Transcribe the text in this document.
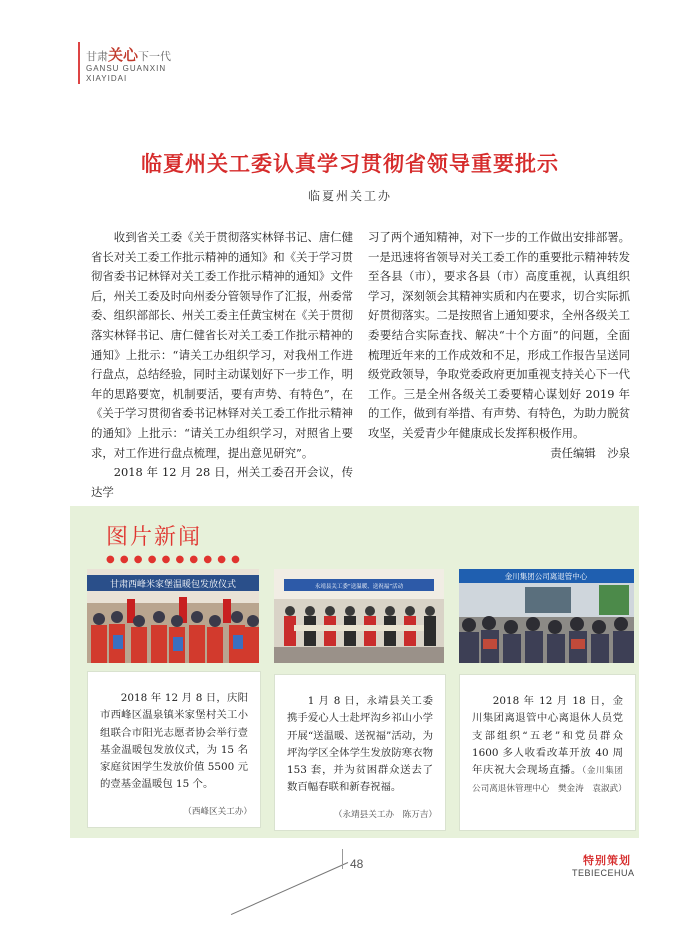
甘肃关心下一代
GANSU GUANXIN
XIAYIDAI
临夏州关工委认真学习贯彻省领导重要批示
临夏州关工办

收到省关工委《关于贯彻落实林铎书记、唐仁健省长对关工委工作批示精神的通知》和《关于学习贯彻省委书记林铎对关工委工作批示精神的通知》文件后，州关工委及时向州委分管领导作了汇报，州委常委、组织部部长、州关工委主任黄宝树在《关于贯彻落实林铎书记、唐仁健省长对关工委工作批示精神的通知》上批示：“请关工办组织学习，对我州工作进行盘点，总结经验，同时主动谋划好下一步工作，明年的思路要宽，机制要活，要有声势、有特色”，在《关于学习贯彻省委书记林铎对关工委工作批示精神的通知》上批示：“请关工办组织学习，对照省上要求，对工作进行盘点梳理，提出意见研究”。

2018 年 12 月 28 日，州关工委召开会议，传达学

习了两个通知精神，对下一步的工作做出安排部署。一是迅速将省领导对关工委工作的重要批示精神转发至各县（市），要求各县（市）高度重视，认真组织学习，深刻领会其精神实质和内在要求，切合实际抓好贯彻落实。二是按照省上通知要求，全州各级关工委要结合实际查找、解决“十个方面”的问题，全面梳理近年来的工作成效和不足，形成工作报告呈送同级党政领导，争取党委政府更加重视支持关心下一代工作。三是全州各级关工委要精心谋划好 2019 年的工作，做到有举措、有声势、有特色，为助力脱贫攻坚，关爱青少年健康成长发挥积极作用。

责任编辑　沙泉
图片新闻
● ● ● ● ● ● ● ● ● ●
甘肃西峰米家堡温暖包发放仪式	永靖县关工委“送温暖、送祝福”活动
金川集团公司离退管中心

2018 年 12 月 8 日，庆阳市西峰区温泉镇米家堡村关工小组联合市阳光志愿者协会举行壹基金温暖包发放仪式，为 15 名家庭贫困学生发放价值 5500 元的壹基金温暖包 15 个。

（西峰区关工办）

1 月 8 日，永靖县关工委携手爱心人士赴坪沟乡祁山小学开展“送温暖、送祝福”活动，为坪沟学区全体学生发放防寒衣物 153 套，并为贫困群众送去了数百幅春联和新春祝福。

（永靖县关工办　陈万吉）

2018 年 12 月 18 日，金川集团离退管中心离退休人员党支部组织“五老”和党员群众 1600 多人收看改革开放 40 周年庆祝大会现场直播。（金川集团公司离退休管理中心　樊金涛　袁淑武）

48	特别策划
TEBIECEHUA
